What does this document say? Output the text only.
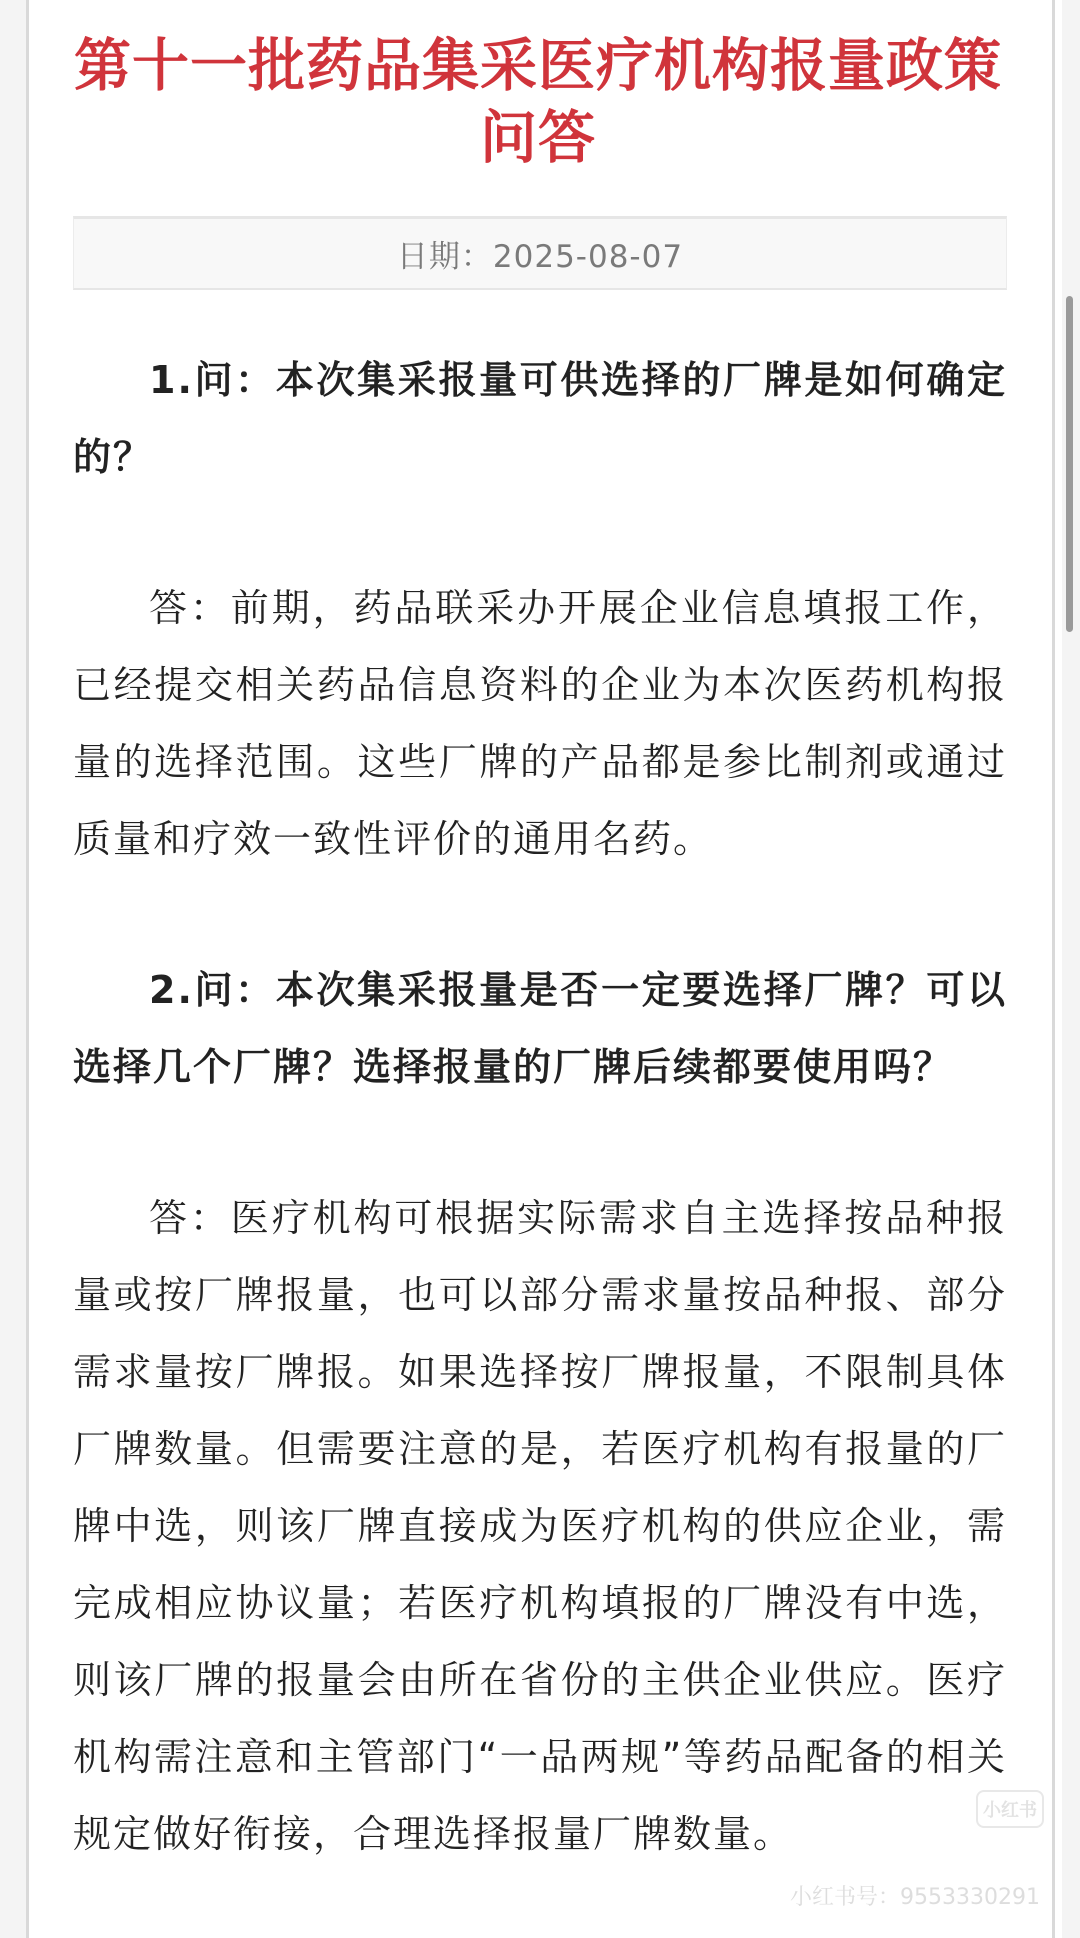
第十一批药品集采医疗机构报量政策问答
日期：2025-08-07

1.问：本次集采报量可供选择的厂牌是如何确定的？

答：前期，药品联采办开展企业信息填报工作，已经提交相关药品信息资料的企业为本次医药机构报量的选择范围。这些厂牌的产品都是参比制剂或通过质量和疗效一致性评价的通用名药。

2.问：本次集采报量是否一定要选择厂牌？可以选择几个厂牌？选择报量的厂牌后续都要使用吗？

答：医疗机构可根据实际需求自主选择按品种报量或按厂牌报量，也可以部分需求量按品种报、部分需求量按厂牌报。如果选择按厂牌报量，不限制具体厂牌数量。但需要注意的是，若医疗机构有报量的厂牌中选，则该厂牌直接成为医疗机构的供应企业，需完成相应协议量；若医疗机构填报的厂牌没有中选，则该厂牌的报量会由所在省份的主供企业供应。医疗机构需注意和主管部门“一品两规”等药品配备的相关规定做好衔接，合理选择报量厂牌数量。

小红书
小红书号：9553330291
